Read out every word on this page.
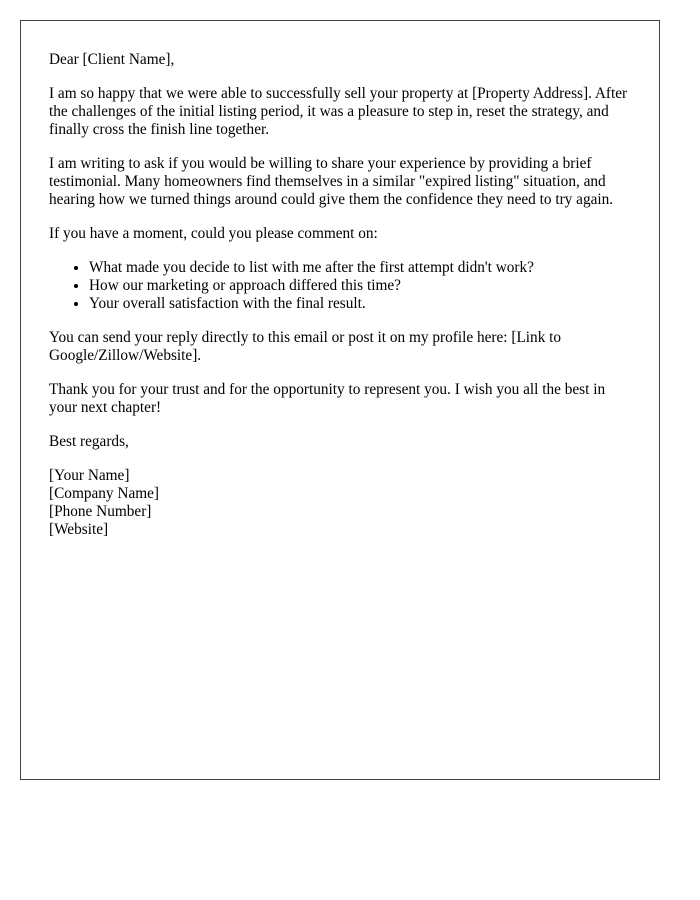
Dear [Client Name],

I am so happy that we were able to successfully sell your property at [Property Address]. After the challenges of the initial listing period, it was a pleasure to step in, reset the strategy, and finally cross the finish line together.

I am writing to ask if you would be willing to share your experience by providing a brief testimonial. Many homeowners find themselves in a similar "expired listing" situation, and hearing how we turned things around could give them the confidence they need to try again.

If you have a moment, could you please comment on:

• What made you decide to list with me after the first attempt didn't work?
• How our marketing or approach differed this time?
• Your overall satisfaction with the final result.

You can send your reply directly to this email or post it on my profile here: [Link to Google/Zillow/Website].

Thank you for your trust and for the opportunity to represent you. I wish you all the best in your next chapter!

Best regards,

[Your Name]
[Company Name]
[Phone Number]
[Website]
